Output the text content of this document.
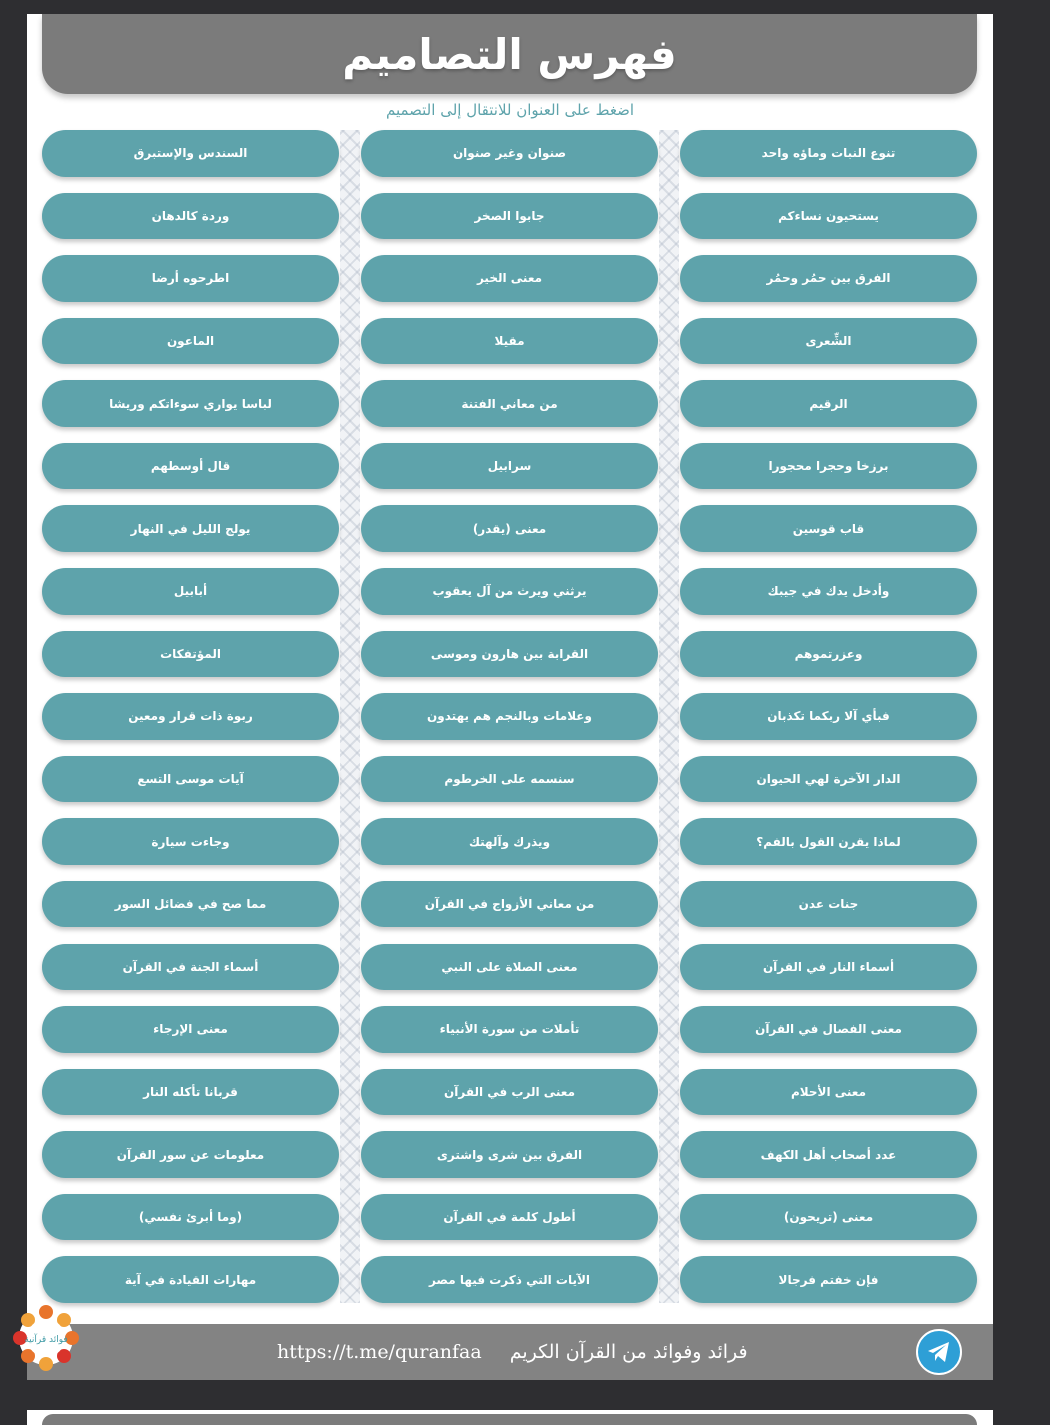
فهرس التصاميم
اضغط على العنوان للانتقال إلى التصميم
تنوع النبات وماؤه واحد
صنوان وغير صنوان
السندس والإستبرق
يستحيون نساءكم
جابوا الصخر
وردة كالدهان
الفرق بين حمُر وحمُر
معنى الخير
اطرحوه أرضا
الشِّعرى
مقيلا
الماعون
الرقيم
من معاني الفتنة
لباسا يواري سوءاتكم وريشا
برزخا وحجرا محجورا
سرابيل
قال أوسطهم
قاب قوسين
معنى (يقدر)
يولج الليل في النهار
وأدخل يدك في جيبك
يرثني ويرث من آل يعقوب
أبابيل
وعزرتموهم
القرابة بين هارون وموسى
المؤتفكات
فبأي آلا ربكما تكذبان
وعلامات وبالنجم هم يهتدون
ربوة ذات قرار ومعين
الدار الآخرة لهي الحيوان
سنسمه على الخرطوم
آيات موسى التسع
لماذا يقرن القول بالفم؟
ويذرك وآلهتك
وجاءت سيارة
جنات عدن
من معاني الأزواج في القرآن
مما صح في فضائل السور
أسماء النار في القرآن
معنى الصلاة على النبي
أسماء الجنة في القرآن
معنى الفصال في القرآن
تأملات من سورة الأنبياء
معنى الإرجاء
معنى الأحلام
معنى الرب في القرآن
قربانا تأكله النار
عدد أصحاب أهل الكهف
الفرق بين شرى واشترى
معلومات عن سور القرآن
معنى (تريحون)
أطول كلمة في القرآن
(وما أبرئ نفسي)
فإن خفتم فرجالا
الآيات التي ذكرت فيها مصر
مهارات القيادة في آية
https://t.me/quranfaa فرائد وفوائد من القرآن الكريم
فوائد قرآنية
